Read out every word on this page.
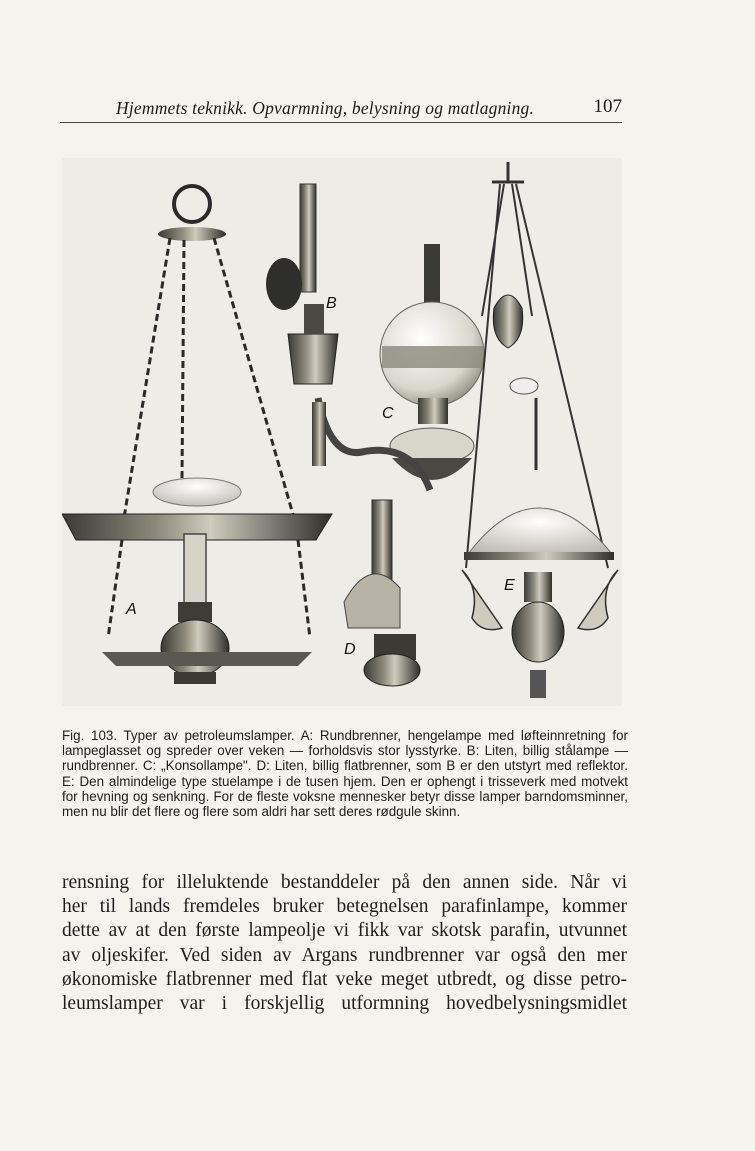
Hjemmets teknikk. Opvarmning, belysning og matlagning.	107
A
B
C
D
E

Fig. 103. Typer av petroleumslamper. A: Rundbrenner, hengelampe med løfteinnretning for lampeglasset og spreder over veken — forholdsvis stor lysstyrke. B: Liten, billig stålampe — rundbrenner. C: „Konsollampe". D: Liten, billig flatbrenner, som B er den utstyrt med reflektor. E: Den almindelige type stuelampe i de tusen hjem. Den er ophengt i trisseverk med motvekt for hevning og senkning. For de fleste voksne mennesker betyr disse lamper barndomsminner, men nu blir det flere og flere som aldri har sett deres rødgule skinn.

rensning for illeluktende bestanddeler på den annen side. Når vi
her til lands fremdeles bruker betegnelsen parafinlampe, kommer
dette av at den første lampeolje vi fikk var skotsk parafin, utvunnet
av oljeskifer. Ved siden av Argans rundbrenner var også den mer
økonomiske flatbrenner med flat veke meget utbredt, og disse petro-
leumslamper var i forskjellig utformning hovedbelysningsmidlet
